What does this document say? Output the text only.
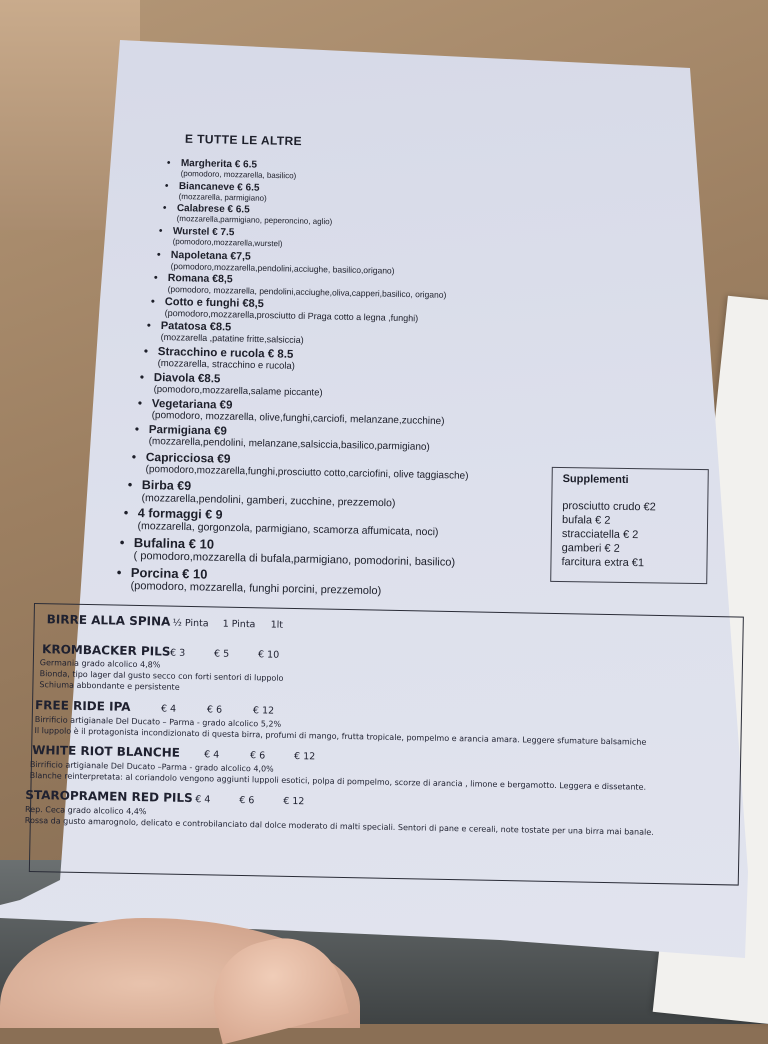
E TUTTE LE ALTRE
• Margherita € 6.5
(pomodoro, mozzarella, basilico)
• Biancaneve € 6.5
(mozzarella, parmigiano)
• Calabrese € 6.5
(mozzarella,parmigiano, peperoncino, aglio)
• Wurstel € 7.5
(pomodoro,mozzarella,wurstel)
• Napoletana €7,5
(pomodoro,mozzarella,pendolini,acciughe, basilico,origano)
• Romana €8,5
(pomodoro, mozzarella, pendolini,acciughe,oliva,capperi,basilico, origano)
• Cotto e funghi €8,5
(pomodoro,mozzarella,prosciutto di Praga cotto a legna ,funghi)
• Patatosa €8.5
(mozzarella ,patatine fritte,salsiccia)
• Stracchino e rucola € 8.5
(mozzarella, stracchino e rucola)
• Diavola €8.5
(pomodoro,mozzarella,salame piccante)
• Vegetariana €9
(pomodoro, mozzarella, olive,funghi,carciofi, melanzane,zucchine)
• Parmigiana €9
(mozzarella,pendolini, melanzane,salsiccia,basilico,parmigiano)
• Capricciosa €9
(pomodoro,mozzarella,funghi,prosciutto cotto,carciofini, olive taggiasche)
• Birba €9
(mozzarella,pendolini, gamberi, zucchine, prezzemolo)
• 4 formaggi € 9
(mozzarella, gorgonzola, parmigiano, scamorza affumicata, noci)
• Bufalina € 10
( pomodoro,mozzarella di bufala,parmigiano, pomodorini, basilico)
• Porcina € 10
(pomodoro, mozzarella, funghi porcini, prezzemolo)
Supplementi
prosciutto crudo €2
bufala € 2
stracciatella € 2
gamberi € 2
farcitura extra €1
BIRRE ALLA SPINA ½ Pinta 1 Pinta 1lt
KROMBACKER PILS € 3	€ 5	€ 10
Germania grado alcolico 4,8%
Bionda, tipo lager dal gusto secco con forti sentori di luppolo
Schiuma abbondante e persistente
FREE RIDE IPA	€ 4	€ 6	€ 12
Birrificio artigianale Del Ducato – Parma - grado alcolico 5,2%
Il luppolo è il protagonista incondizionato di questa birra, profumi di mango, frutta tropicale, pompelmo e arancia amara. Leggere sfumature balsamiche
WHITE RIOT BLANCHE	€ 4	€ 6	€ 12
Birrificio artigianale Del Ducato –Parma - grado alcolico 4,0%
Blanche reinterpretata: al coriandolo vengono aggiunti luppoli esotici, polpa di pompelmo, scorze di arancia , limone e bergamotto. Leggera e dissetante.
STAROPRAMEN RED PILS € 4	€ 6	€ 12
Rep. Ceca grado alcolico 4,4%
Rossa da gusto amarognolo, delicato e controbilanciato dal dolce moderato di malti speciali. Sentori di pane e cereali, note tostate per una birra mai banale.
